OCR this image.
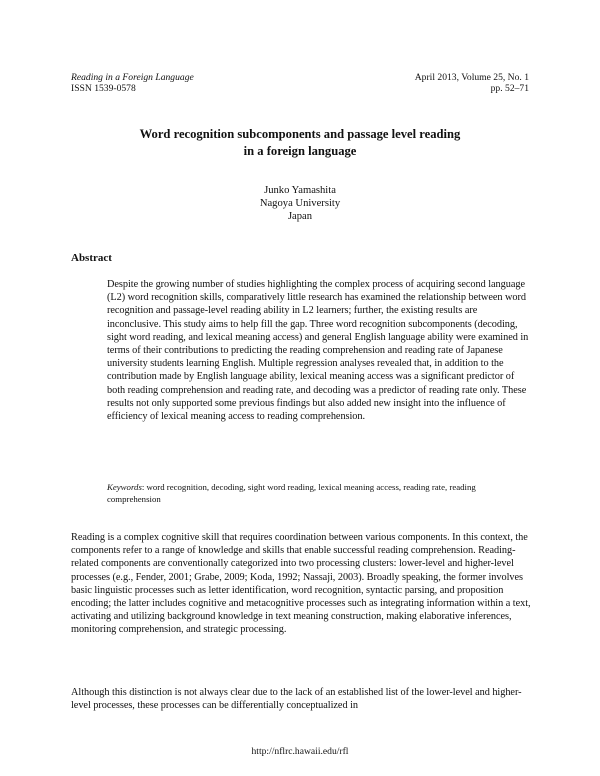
Reading in a Foreign Language
ISSN 1539-0578
April 2013, Volume 25, No. 1
pp. 52–71
Word recognition subcomponents and passage level reading
in a foreign language
Junko Yamashita
Nagoya University
Japan
Abstract
Despite the growing number of studies highlighting the complex process of acquiring second language (L2) word recognition skills, comparatively little research has examined the relationship between word recognition and passage-level reading ability in L2 learners; further, the existing results are inconclusive. This study aims to help fill the gap. Three word recognition subcomponents (decoding, sight word reading, and lexical meaning access) and general English language ability were examined in terms of their contributions to predicting the reading comprehension and reading rate of Japanese university students learning English. Multiple regression analyses revealed that, in addition to the contribution made by English language ability, lexical meaning access was a significant predictor of both reading comprehension and reading rate, and decoding was a predictor of reading rate only. These results not only supported some previous findings but also added new insight into the influence of efficiency of lexical meaning access to reading comprehension.
Keywords: word recognition, decoding, sight word reading, lexical meaning access, reading rate, reading comprehension
Reading is a complex cognitive skill that requires coordination between various components. In this context, the components refer to a range of knowledge and skills that enable successful reading comprehension. Reading-related components are conventionally categorized into two processing clusters: lower-level and higher-level processes (e.g., Fender, 2001; Grabe, 2009; Koda, 1992; Nassaji, 2003). Broadly speaking, the former involves basic linguistic processes such as letter identification, word recognition, syntactic parsing, and proposition encoding; the latter includes cognitive and metacognitive processes such as integrating information within a text, activating and utilizing background knowledge in text meaning construction, making elaborative inferences, monitoring comprehension, and strategic processing.
Although this distinction is not always clear due to the lack of an established list of the lower-level and higher-level processes, these processes can be differentially conceptualized in
http://nflrc.hawaii.edu/rfl
